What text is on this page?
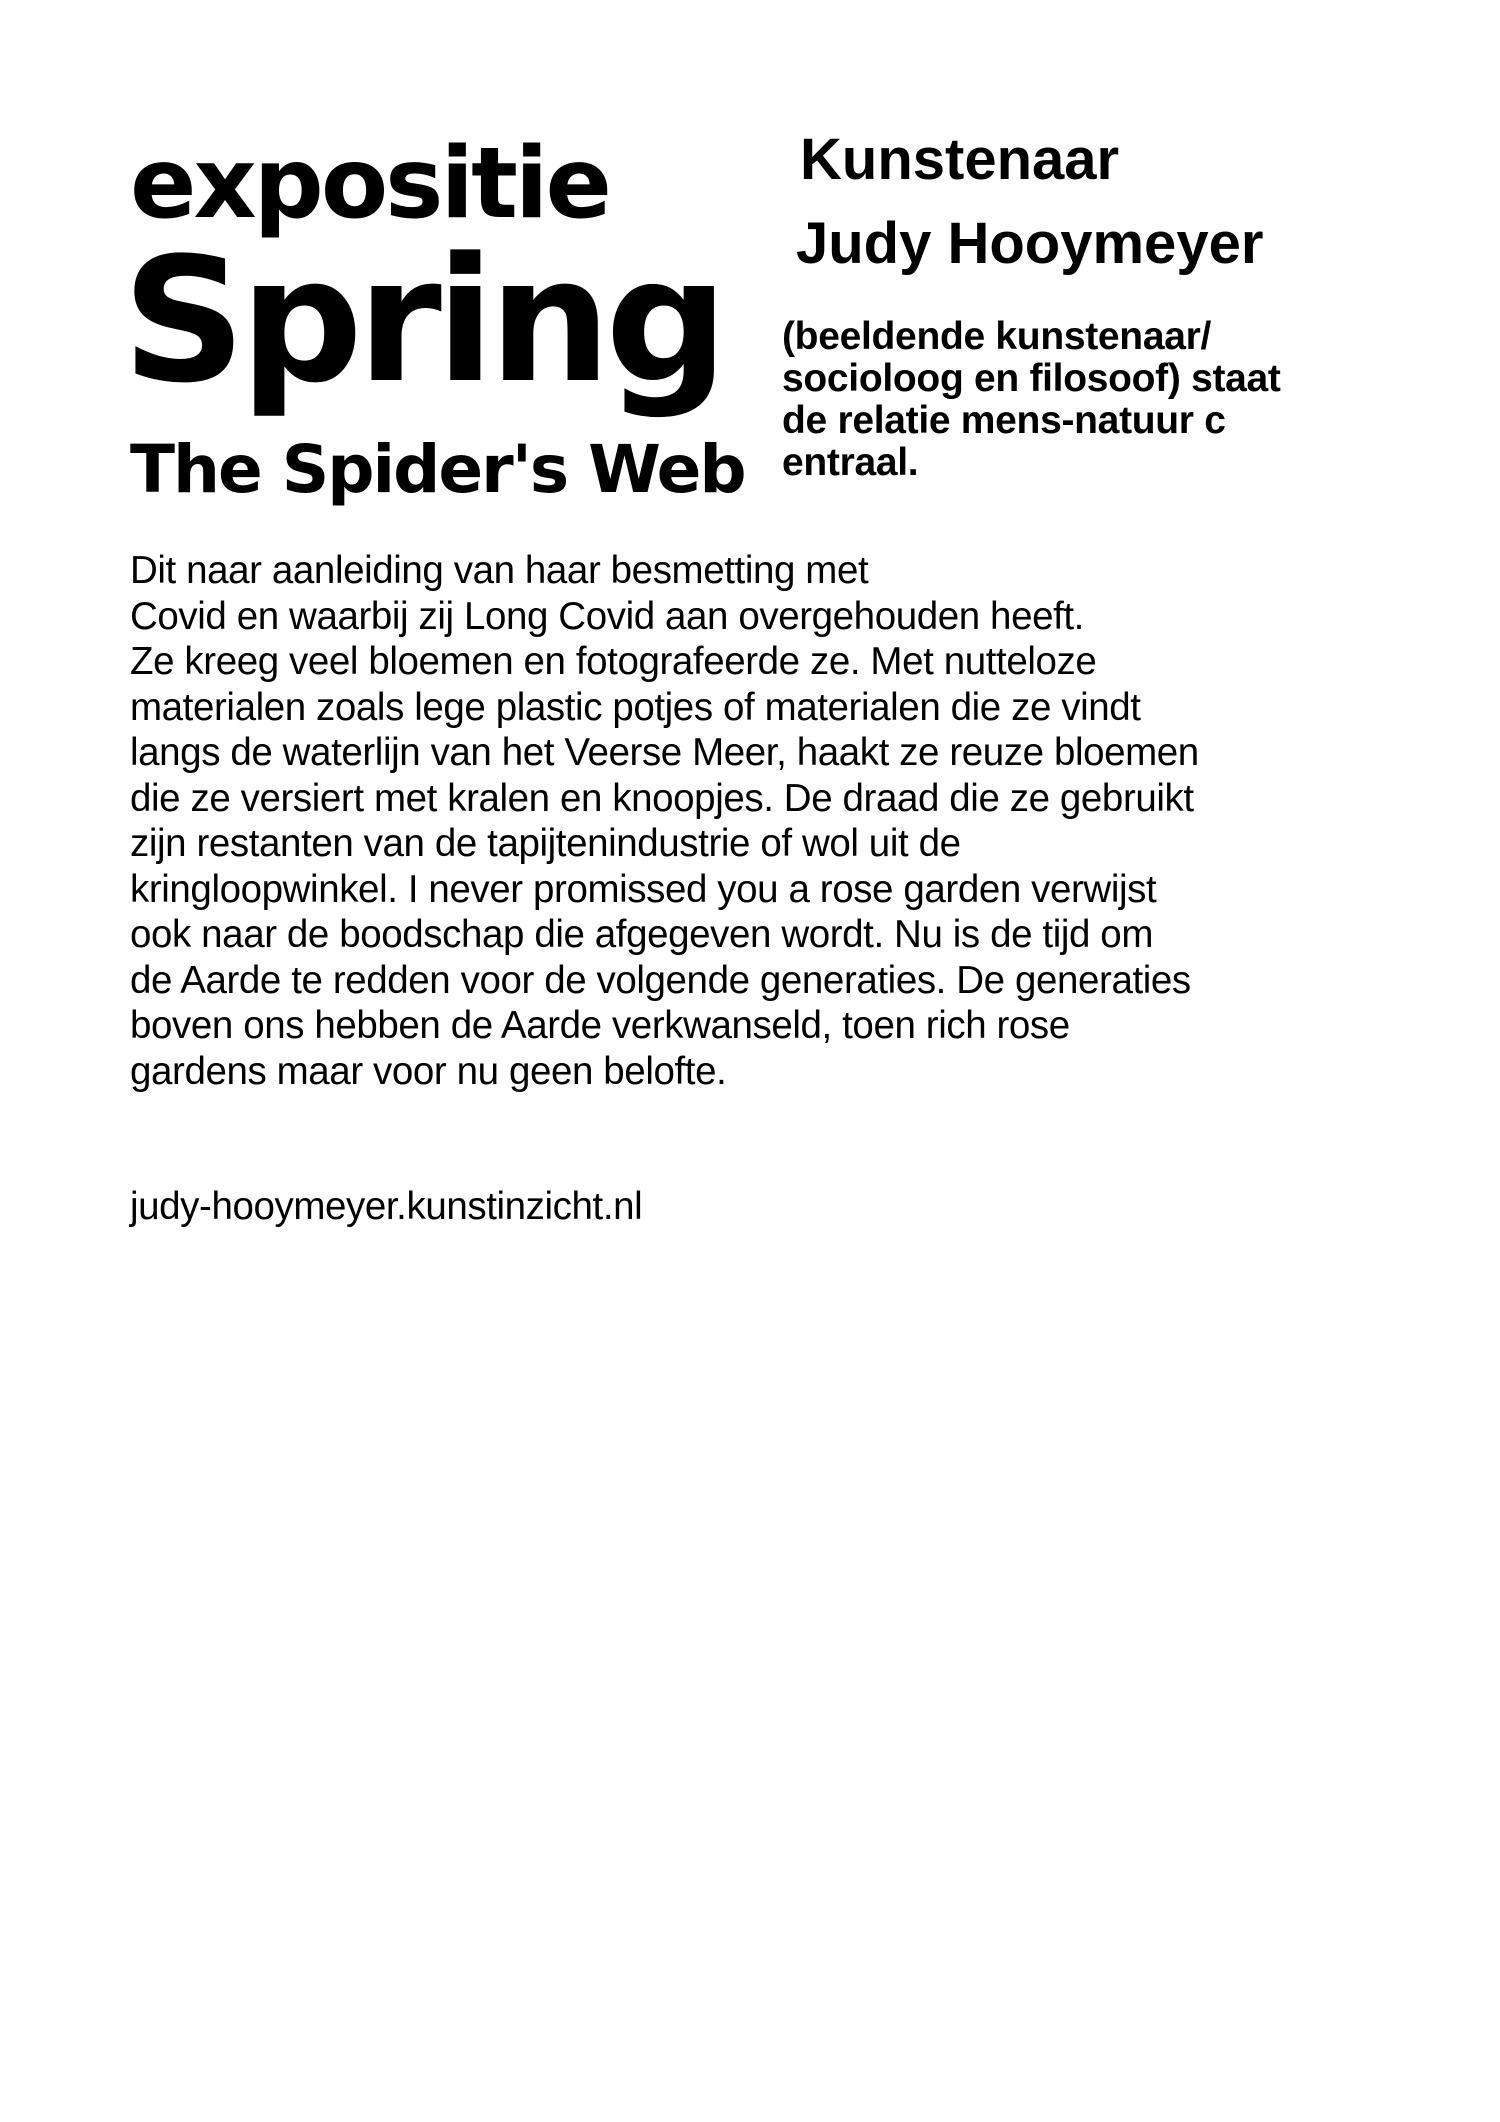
expositie
Spring
The Spider's Web
Kunstenaar
Judy Hooymeyer
(beeldende kunstenaar/
socioloog en filosoof) staat
de relatie mens-natuur c
entraal.
Dit naar aanleiding van haar besmetting met
Covid en waarbij zij Long Covid aan overgehouden heeft.
Ze kreeg veel bloemen en fotografeerde ze. Met nutteloze
materialen zoals lege plastic potjes of materialen die ze vindt
langs de waterlijn van het Veerse Meer, haakt ze reuze bloemen
die ze versiert met kralen en knoopjes. De draad die ze gebruikt
zijn restanten van de tapijtenindustrie of wol uit de
kringloopwinkel. I never promissed you a rose garden verwijst
ook naar de boodschap die afgegeven wordt. Nu is de tijd om
de Aarde te redden voor de volgende generaties. De generaties
boven ons hebben de Aarde verkwanseld, toen rich rose
gardens maar voor nu geen belofte.
judy-hooymeyer.kunstinzicht.nl
